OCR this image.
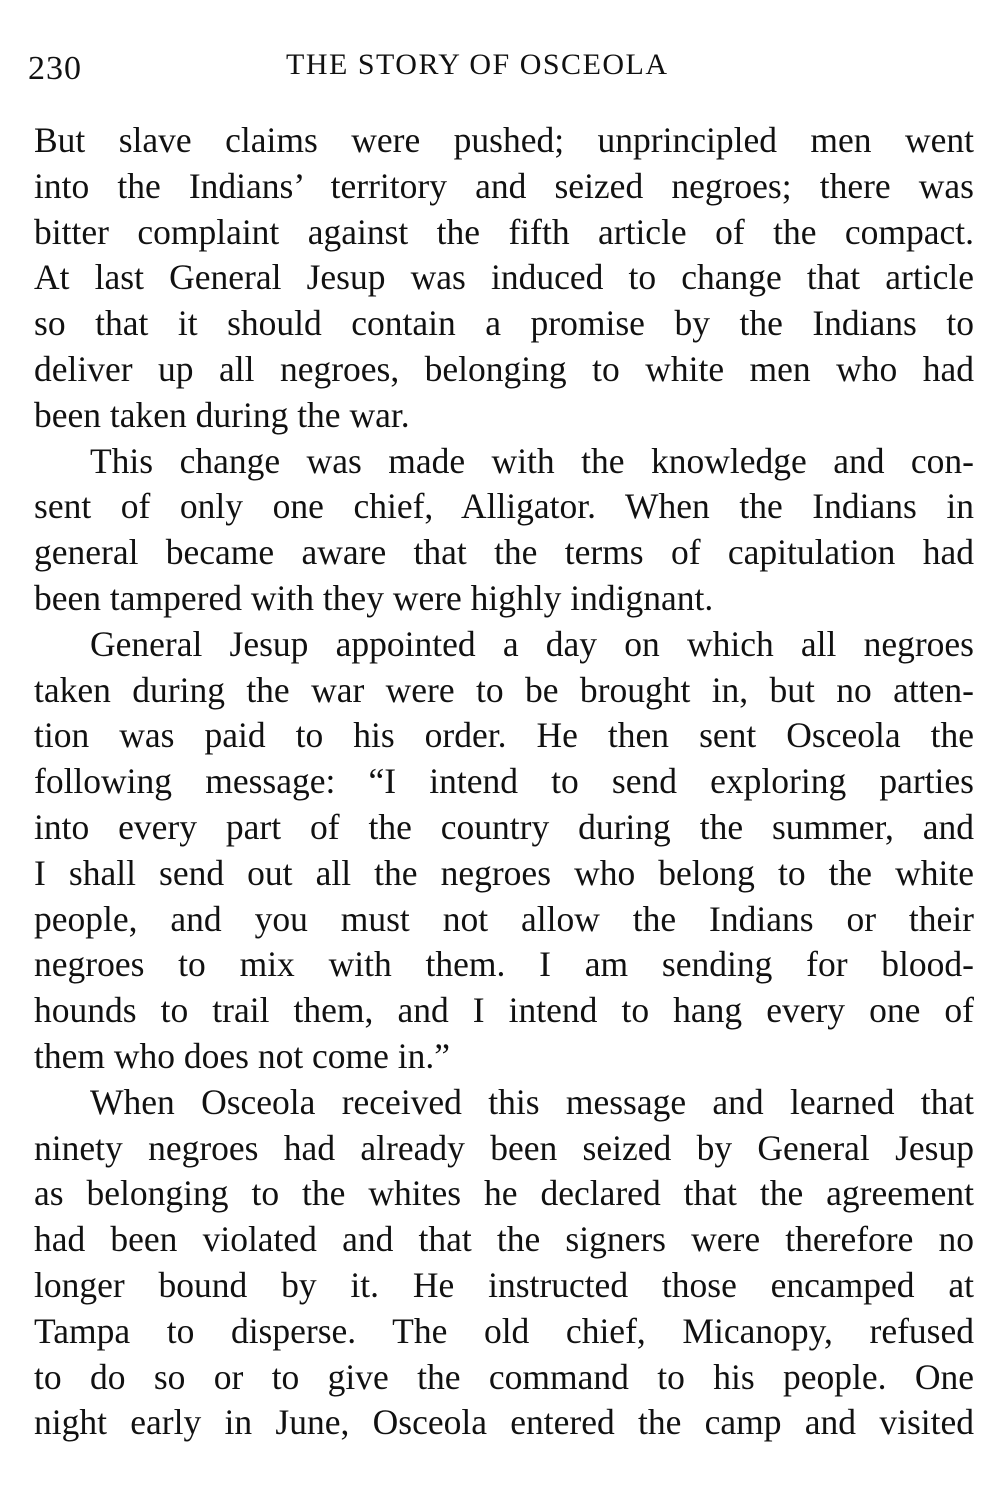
230	THE STORY OF OSCEOLA

But slave claims were pushed; unprincipled men went
into the Indians’ territory and seized negroes; there was
bitter complaint against the fifth article of the compact.
At last General Jesup was induced to change that article
so that it should contain a promise by the Indians to
deliver up all negroes, belonging to white men who had
been taken during the war.

This change was made with the knowledge and con-
sent of only one chief, Alligator. When the Indians in
general became aware that the terms of capitulation had
been tampered with they were highly indignant.

General Jesup appointed a day on which all negroes
taken during the war were to be brought in, but no atten-
tion was paid to his order. He then sent Osceola the
following message: “I intend to send exploring parties
into every part of the country during the summer, and
I shall send out all the negroes who belong to the white
people, and you must not allow the Indians or their
negroes to mix with them. I am sending for blood-
hounds to trail them, and I intend to hang every one of
them who does not come in.”

When Osceola received this message and learned that
ninety negroes had already been seized by General Jesup
as belonging to the whites he declared that the agreement
had been violated and that the signers were therefore no
longer bound by it. He instructed those encamped at
Tampa to disperse. The old chief, Micanopy, refused
to do so or to give the command to his people. One
night early in June, Osceola entered the camp and visited
